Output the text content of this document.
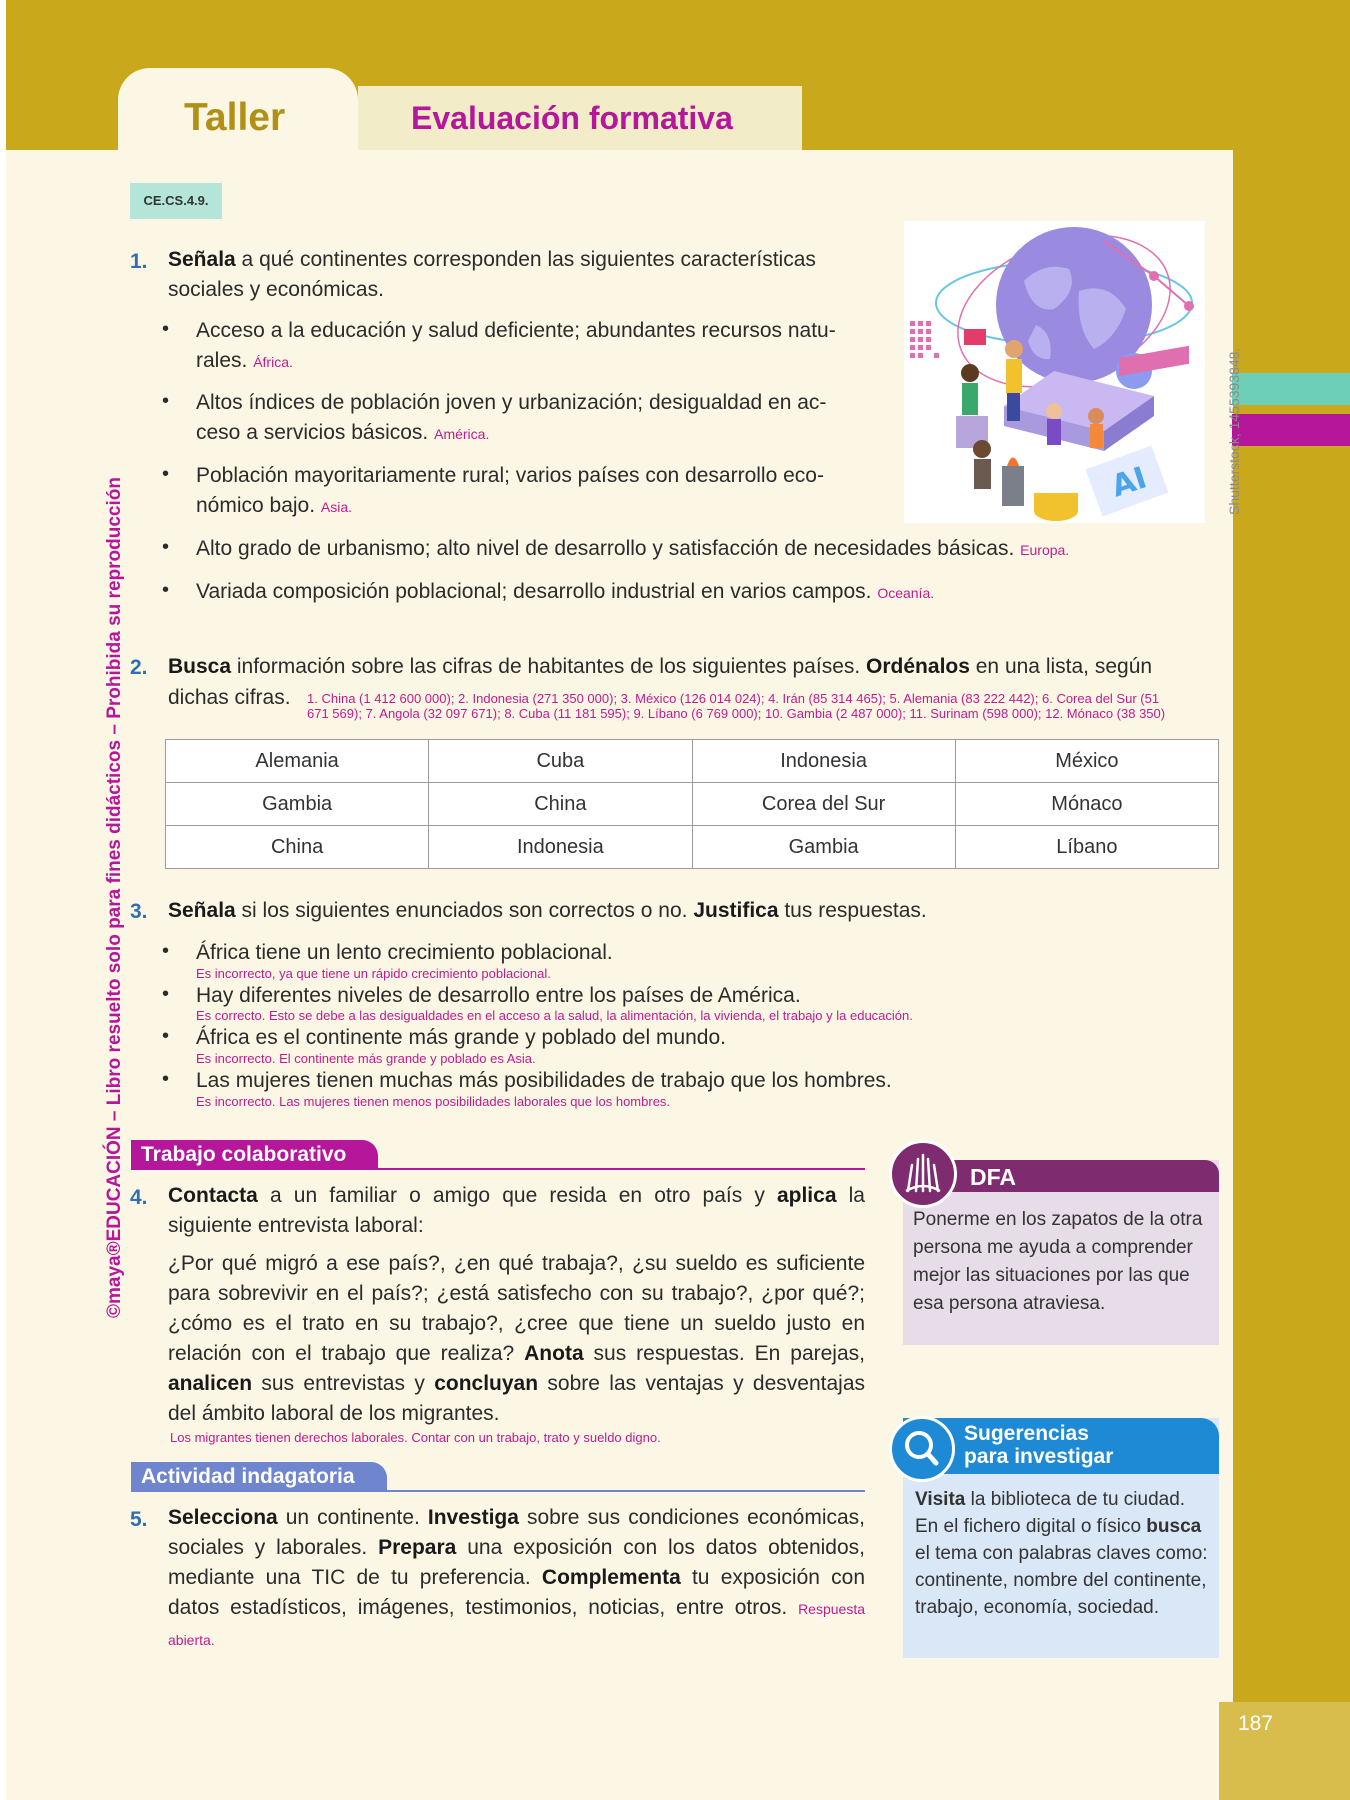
Taller	Evaluación formativa
CE.CS.4.9.
©maya®EDUCACIÓN – Libro resuelto solo para fines didácticos – Prohibida su reproducción	AI	Shutterstock, 1455393848.
1. Señala a qué continentes corresponden las siguientes características
sociales y económicas.
• Acceso a la educación y salud deficiente; abundantes recursos natu-
rales. África.
• Altos índices de población joven y urbanización; desigualdad en ac-
ceso a servicios básicos. América.
• Población mayoritariamente rural; varios países con desarrollo eco-
nómico bajo. Asia.
• Alto grado de urbanismo; alto nivel de desarrollo y satisfacción de necesidades básicas. Europa.
• Variada composición poblacional; desarrollo industrial en varios campos. Oceanía.
2. Busca información sobre las cifras de habitantes de los siguientes países. Ordénalos en una lista, según
dichas cifras. 1. China (1 412 600 000); 2. Indonesia (271 350 000); 3. México (126 014 024); 4. Irán (85 314 465); 5. Alemania (83 222 442); 6. Corea del Sur (51
671 569); 7. Angola (32 097 671); 8. Cuba (11 181 595); 9. Líbano (6 769 000); 10. Gambia (2 487 000); 11. Surinam (598 000); 12. Mónaco (38 350)
Alemania	Cuba	Indonesia	México
Gambia	China	Corea del Sur	Mónaco
China	Indonesia	Gambia	Líbano
3. Señala si los siguientes enunciados son correctos o no. Justifica tus respuestas.
• África tiene un lento crecimiento poblacional.
Es incorrecto, ya que tiene un rápido crecimiento poblacional.
• Hay diferentes niveles de desarrollo entre los países de América.
Es correcto. Esto se debe a las desigualdades en el acceso a la salud, la alimentación, la vivienda, el trabajo y la educación.
• África es el continente más grande y poblado del mundo.
Es incorrecto. El continente más grande y poblado es Asia.
• Las mujeres tienen muchas más posibilidades de trabajo que los hombres.
Es incorrecto. Las mujeres tienen menos posibilidades laborales que los hombres.
Trabajo colaborativo
4. Contacta a un familiar o amigo que resida en otro país y aplica la siguiente entrevista laboral:
¿Por qué migró a ese país?, ¿en qué trabaja?, ¿su sueldo es suficiente para sobrevivir en el país?; ¿está satisfecho con su trabajo?, ¿por qué?; ¿cómo es el trato en su trabajo?, ¿cree que tiene un sueldo justo en relación con el trabajo que realiza? Anota sus respuestas. En parejas, analicen sus entrevistas y concluyan sobre las ventajas y desventajas del ámbito laboral de los migrantes.
Los migrantes tienen derechos laborales. Contar con un trabajo, trato y sueldo digno.
Actividad indagatoria
5. Selecciona un continente. Investiga sobre sus condiciones económicas, sociales y laborales. Prepara una exposición con los datos obtenidos, mediante una TIC de tu preferencia. Complementa tu exposición con datos estadísticos, imágenes, testimonios, noticias, entre otros. Respuesta abierta.
DFA
Ponerme en los zapatos de la otra persona me ayuda a comprender mejor las situaciones por las que esa persona atraviesa.
Sugerencias
para investigar
Visita la biblioteca de tu ciudad. En el fichero digital o físico busca el tema con palabras claves como: continente, nombre del continente, trabajo, economía, sociedad.
187
